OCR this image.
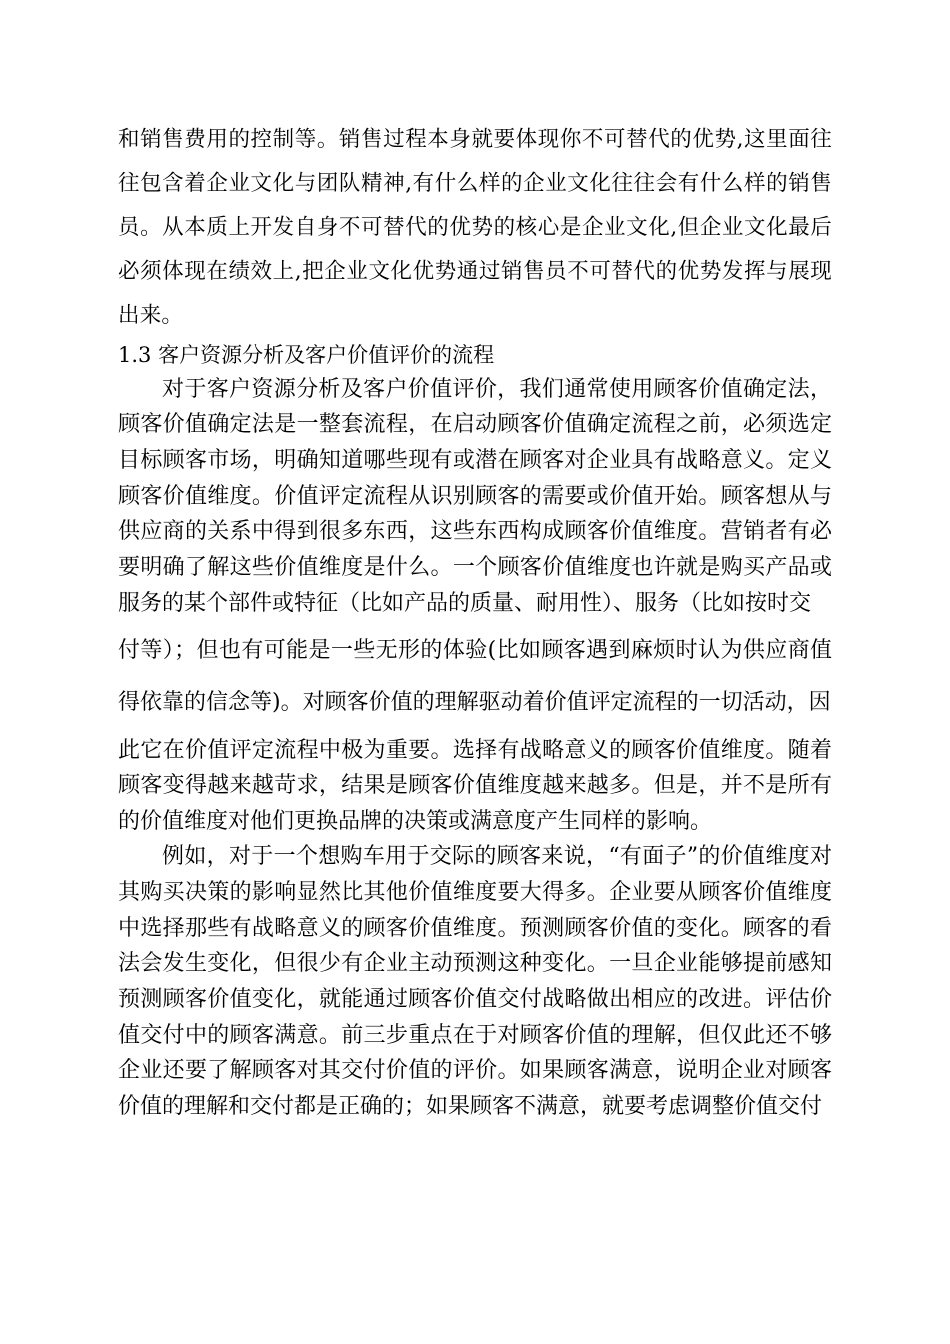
和销售费用的控制等。销售过程本身就要体现你不可替代的优势,这里面往往包含着企业文化与团队精神,有什么样的企业文化往往会有什么样的销售员。从本质上开发自身不可替代的优势的核心是企业文化,但企业文化最后必须体现在绩效上,把企业文化优势通过销售员不可替代的优势发挥与展现出来。

1.3 客户资源分析及客户价值评价的流程

对于客户资源分析及客户价值评价，我们通常使用顾客价值确定法，顾客价值确定法是一整套流程，在启动顾客价值确定流程之前，必须选定目标顾客市场，明确知道哪些现有或潜在顾客对企业具有战略意义。定义顾客价值维度。价值评定流程从识别顾客的需要或价值开始。顾客想从与供应商的关系中得到很多东西，这些东西构成顾客价值维度。营销者有必要明确了解这些价值维度是什么。一个顾客价值维度也许就是购买产品或服务的某个部件或特征（比如产品的质量、耐用性）、服务（比如按时交

付等）；但也有可能是一些无形的体验(比如顾客遇到麻烦时认为供应商值得依靠的信念等)。对顾客价值的理解驱动着价值评定流程的一切活动，因

此它在价值评定流程中极为重要。选择有战略意义的顾客价值维度。随着顾客变得越来越苛求，结果是顾客价值维度越来越多。但是，并不是所有的价值维度对他们更换品牌的决策或满意度产生同样的影响。

例如，对于一个想购车用于交际的顾客来说，“有面子”的价值维度对其购买决策的影响显然比其他价值维度要大得多。企业要从顾客价值维度中选择那些有战略意义的顾客价值维度。预测顾客价值的变化。顾客的看法会发生变化，但很少有企业主动预测这种变化。一旦企业能够提前感知预测顾客价值变化，就能通过顾客价值交付战略做出相应的改进。评估价值交付中的顾客满意。前三步重点在于对顾客价值的理解，但仅此还不够企业还要了解顾客对其交付价值的评价。如果顾客满意，说明企业对顾客价值的理解和交付都是正确的；如果顾客不满意，就要考虑调整价值交付
